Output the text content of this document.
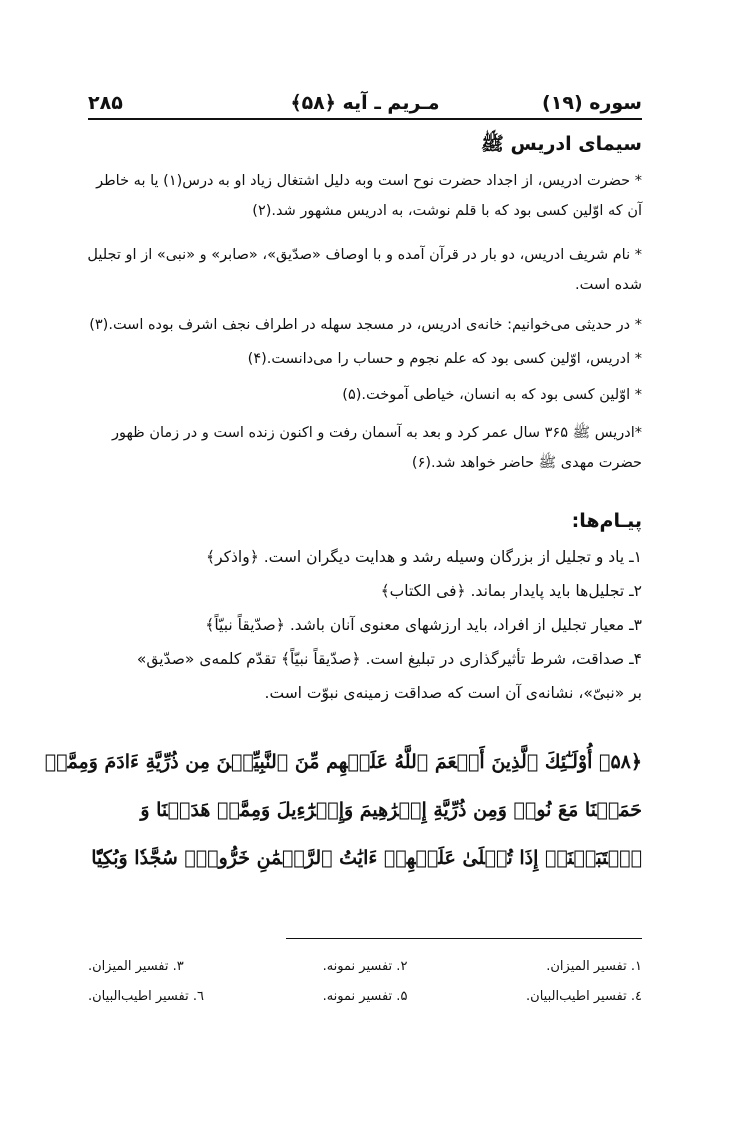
سوره (۱۹)
مـریم ـ آیه ﴿۵۸﴾
۲۸۵
سیمای ادریس ﷺ
* حضرت ادریس، از اجداد حضرت نوح است وبه دلیل اشتغال زیاد او به درس(۱) یا به خاطر
آن که اوّلین کسی بود که با قلم نوشت، به ادریس مشهور شد.(۲)
* نام شریف ادریس، دو بار در قرآن آمده و با اوصاف «صدّیق»، «صابر» و «نبی» از او تجلیل
شده است.
* در حدیثی می‌خوانیم: خانه‌ی ادریس، در مسجد سهله در اطراف نجف اشرف بوده است.(۳)
* ادریس، اوّلین کسی بود که علم نجوم و حساب را می‌دانست.(۴)
* اوّلین کسی بود که به انسان، خیاطی آموخت.(۵)
*ادریس ﷺ ۳۶۵ سال عمر کرد و بعد به آسمان رفت و اکنون زنده است و در زمان ظهور
حضرت مهدی ﷺ حاضر خواهد شد.(۶)
پیـام‌ها:
۱ـ یاد و تجلیل از بزرگان وسیله رشد و هدایت دیگران است. ﴿واذکر﴾
۲ـ تجلیل‌ها باید پایدار بماند. ﴿فی الکتاب﴾
۳ـ معیار تجلیل از افراد، باید ارزشهای معنوی آنان باشد. ﴿صدّیقاً نبیّاً﴾
۴ـ صداقت، شرط تأثیرگذاری در تبلیغ است. ﴿صدّیقاً نبیّاً﴾ تقدّم کلمه‌ی «صدّیق»
بر «نبیّ»، نشانه‌ی آن است که صداقت زمینه‌ی نبوّت است.
﴿۵۸﴾ أُوْلَـٰٓئِكَ ٱلَّذِينَ أَنۡعَمَ ٱللَّهُ عَلَيۡهِم مِّنَ ٱلنَّبِيِّـۧنَ مِن ذُرِّيَّةِ ءَادَمَ وَمِمَّنۡ
حَمَلۡنَا مَعَ نُوحٖ وَمِن ذُرِّيَّةِ إِبۡرَٰهِيمَ وَإِسۡرَٰٓءِيلَ وَمِمَّنۡ هَدَيۡنَا وَ
ٱجۡتَبَيۡنَآۚ إِذَا تُتۡلَىٰ عَلَيۡهِمۡ ءَايَٰتُ ٱلرَّحۡمَٰنِ خَرُّواْۤ سُجَّدٗا وَبُكِيّٗا
۱. تفسیر المیزان.
۲. تفسیر نمونه.
۳. تفسیر المیزان.
٤. تفسیر اطیب‌البیان.
۵. تفسیر نمونه.
٦. تفسیر اطیب‌البیان.
